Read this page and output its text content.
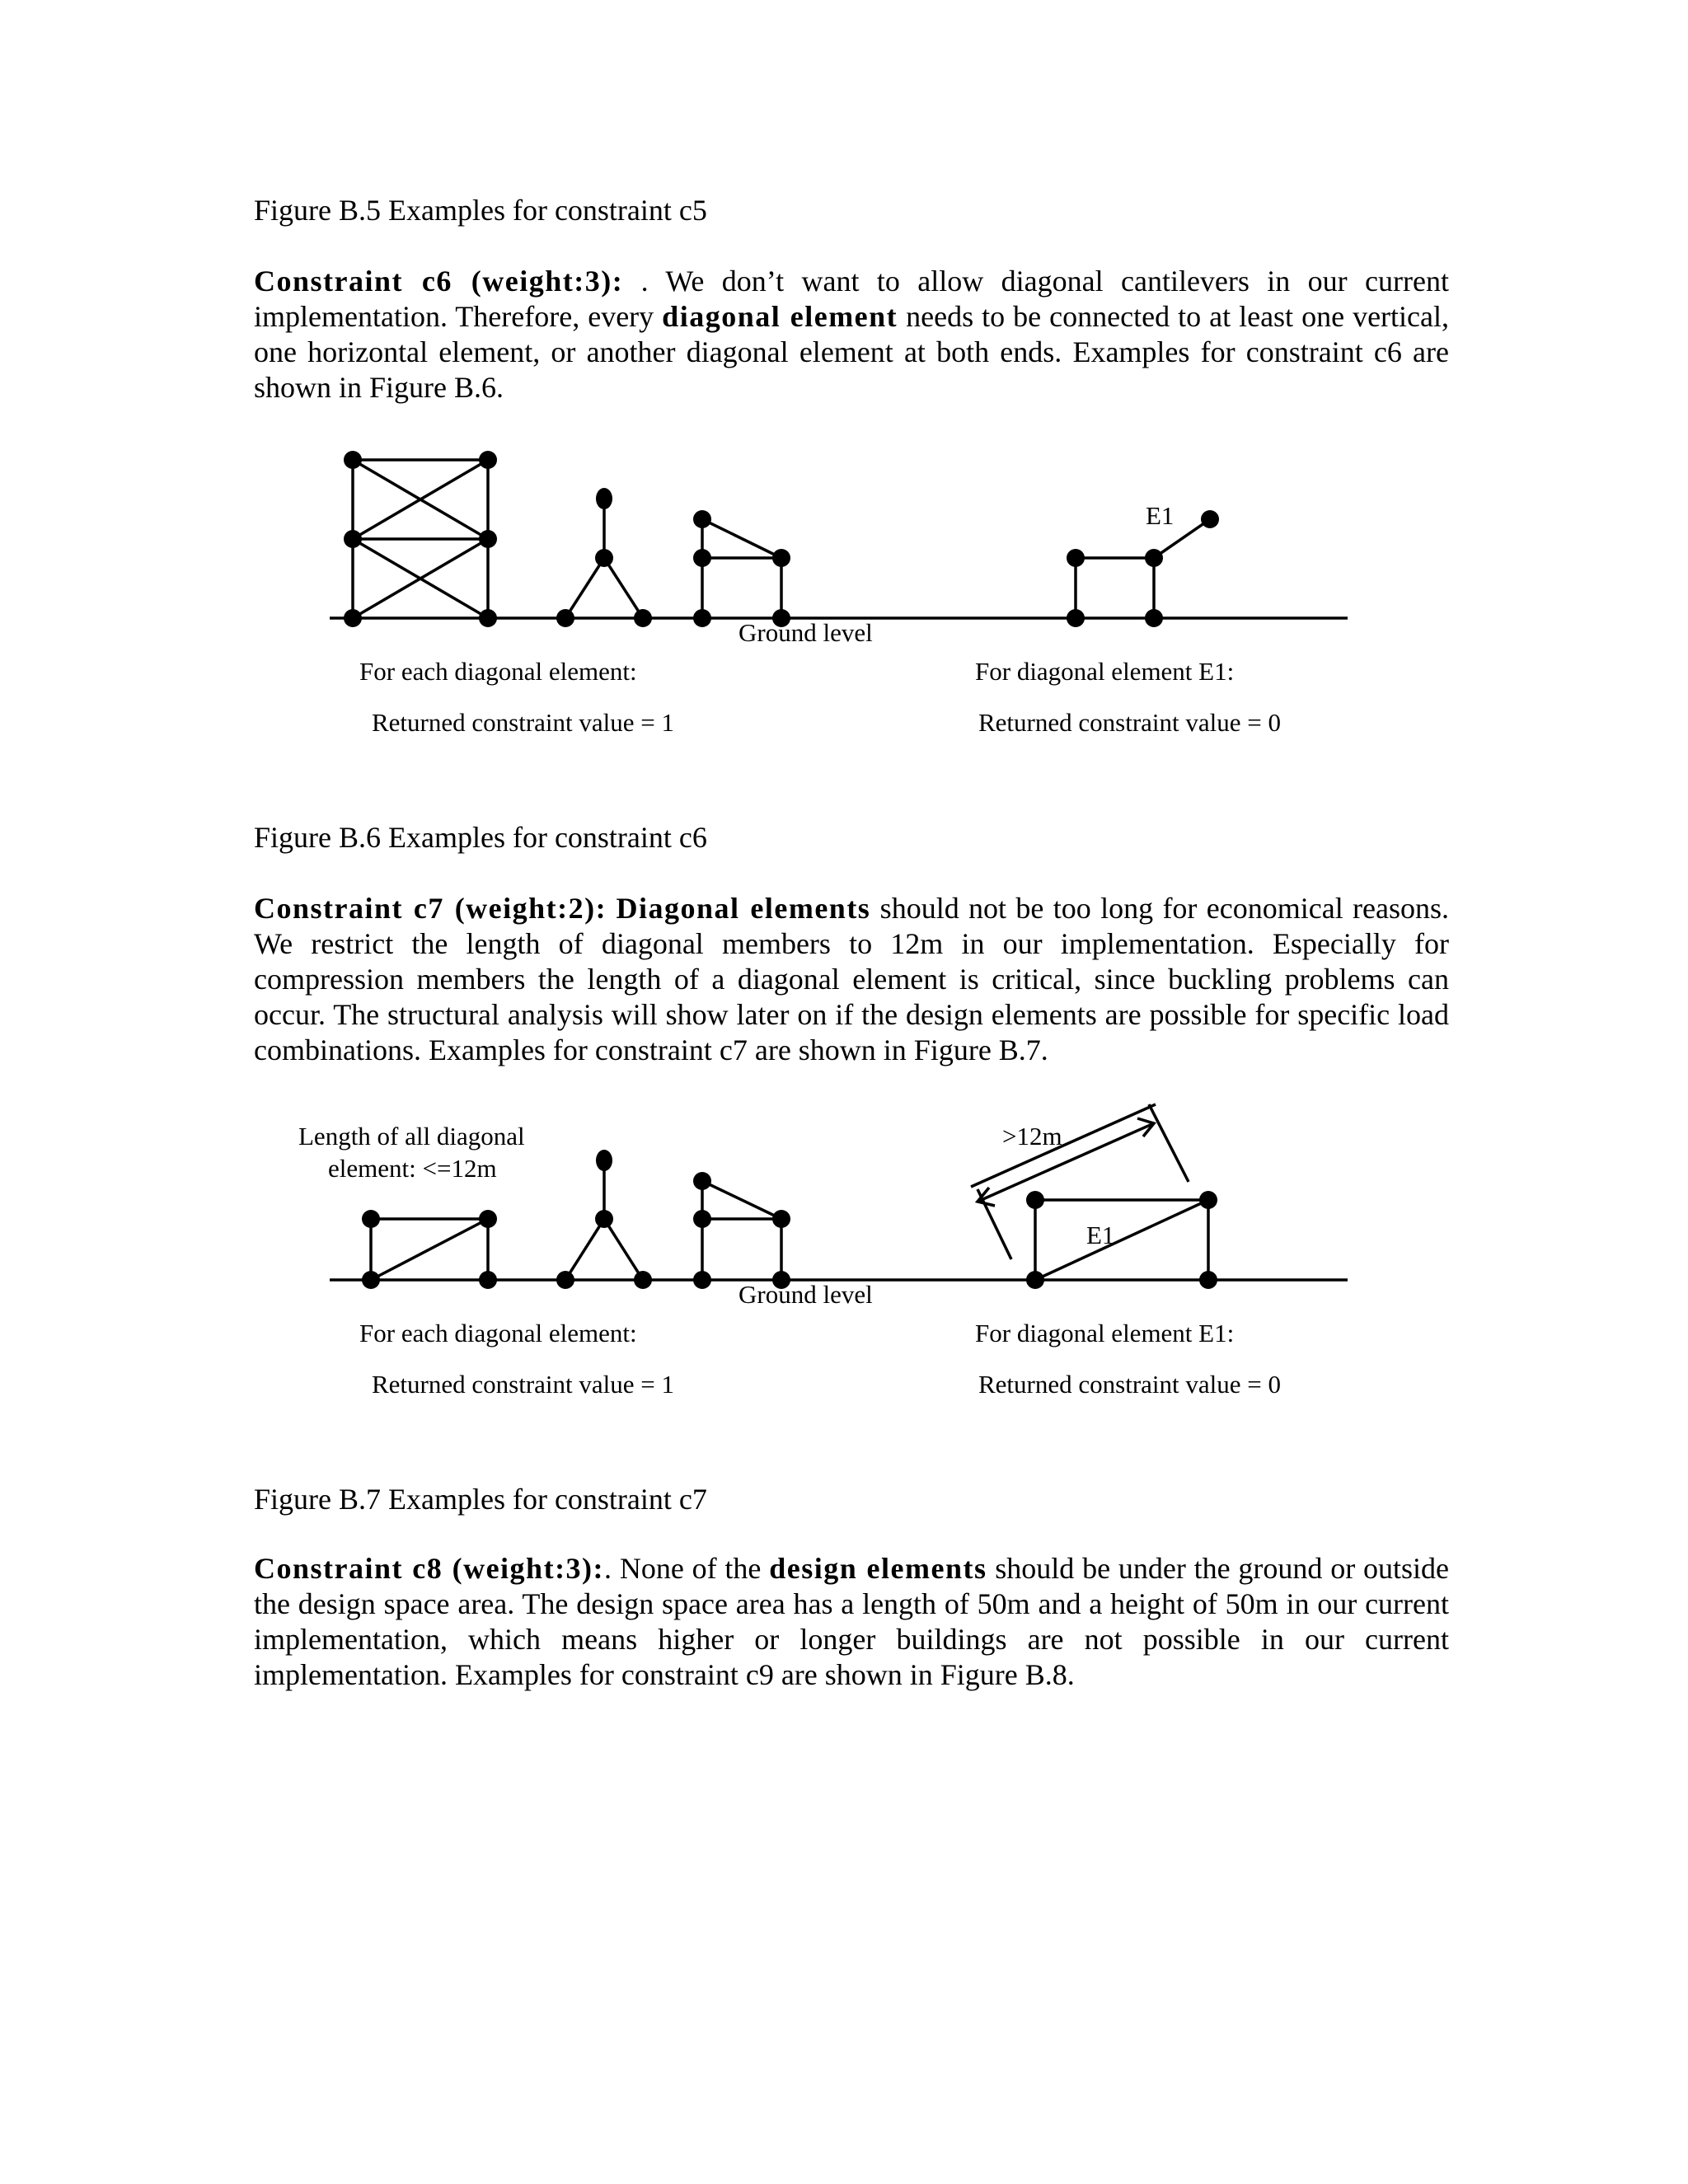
Figure B.5 Examples for constraint c5
Constraint c6 (weight:3): . We don’t want to allow diagonal cantilevers in our current implementation. Therefore, every diagonal element needs to be connected to at least one vertical, one horizontal element, or another diagonal element at both ends. Examples for constraint c6 are shown in Figure B.6.
E1
Ground level
For each diagonal element:
Returned constraint value = 1
For diagonal element E1:
Returned constraint value = 0
Figure B.6 Examples for constraint c6
Constraint c7 (weight:2): Diagonal elements should not be too long for economical reasons. We restrict the length of diagonal members to 12m in our implementation. Especially for compression members the length of a diagonal element is critical, since buckling problems can occur. The structural analysis will show later on if the design elements are possible for specific load combinations. Examples for constraint c7 are shown in Figure B.7.
Length of all diagonal
element: <=12m
>12m
E1
Ground level
For each diagonal element:
Returned constraint value = 1
For diagonal element E1:
Returned constraint value = 0
Figure B.7 Examples for constraint c7
Constraint c8 (weight:3):. None of the design elements should be under the ground or outside the design space area. The design space area has a length of 50m and a height of 50m in our current implementation, which means higher or longer buildings are not possible in our current implementation. Examples for constraint c9 are shown in Figure B.8.
